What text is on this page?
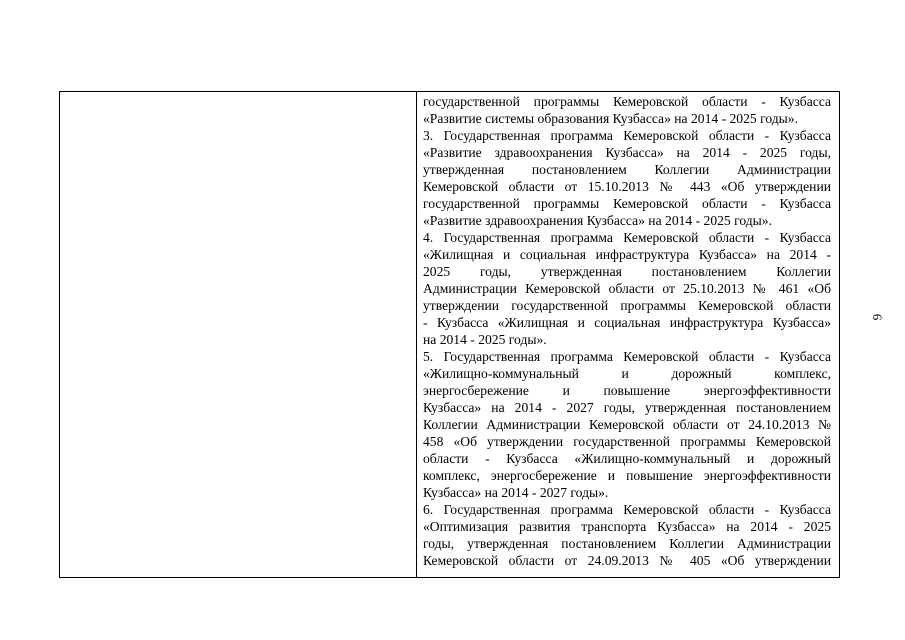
государственной программы Кемеровской области - Кузбасса
«Развитие системы образования Кузбасса» на 2014 - 2025 годы».
3. Государственная программа Кемеровской области - Кузбасса
«Развитие здравоохранения Кузбасса» на 2014 - 2025 годы,
утвержденная постановлением Коллегии Администрации
Кемеровской области от 15.10.2013 № 443 «Об утверждении
государственной программы Кемеровской области - Кузбасса
«Развитие здравоохранения Кузбасса» на 2014 - 2025 годы».
4. Государственная программа Кемеровской области - Кузбасса
«Жилищная и социальная инфраструктура Кузбасса» на 2014 -
2025 годы, утвержденная постановлением Коллегии
Администрации Кемеровской области от 25.10.2013 № 461 «Об
утверждении государственной программы Кемеровской области
- Кузбасса «Жилищная и социальная инфраструктура Кузбасса»
на 2014 - 2025 годы».
5. Государственная программа Кемеровской области - Кузбасса
«Жилищно-коммунальный и дорожный комплекс,
энергосбережение и повышение энергоэффективности
Кузбасса» на 2014 - 2027 годы, утвержденная постановлением
Коллегии Администрации Кемеровской области от 24.10.2013 №
458 «Об утверждении государственной программы Кемеровской
области - Кузбасса «Жилищно-коммунальный и дорожный
комплекс, энергосбережение и повышение энергоэффективности
Кузбасса» на 2014 - 2027 годы».
6. Государственная программа Кемеровской области - Кузбасса
«Оптимизация развития транспорта Кузбасса» на 2014 - 2025
годы, утвержденная постановлением Коллегии Администрации
Кемеровской области от 24.09.2013 № 405 «Об утверждении
6
